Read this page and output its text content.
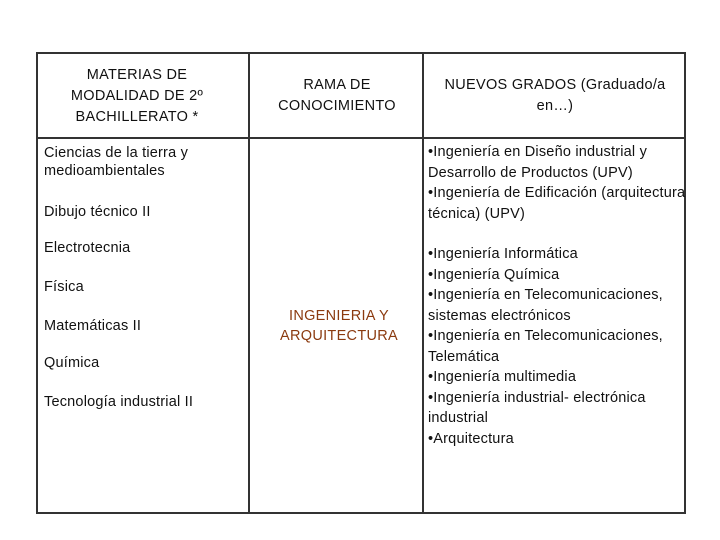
MATERIAS DE MODALIDAD DE 2º BACHILLERATO *
RAMA DE CONOCIMIENTO
NUEVOS GRADOS (Graduado/a en…)
Ciencias de la tierra y medioambientales
Dibujo técnico II
Electrotecnia
Física
Matemáticas II
Química
Tecnología industrial II
INGENIERIA Y ARQUITECTURA
•Ingeniería en Diseño industrial y Desarrollo de Productos (UPV)
•Ingeniería de Edificación (arquitectura técnica) (UPV)
•Ingeniería Informática
•Ingeniería Química
•Ingeniería en Telecomunicaciones, sistemas electrónicos
•Ingeniería en Telecomunicaciones, Telemática
•Ingeniería multimedia
•Ingeniería industrial- electrónica industrial
•Arquitectura
